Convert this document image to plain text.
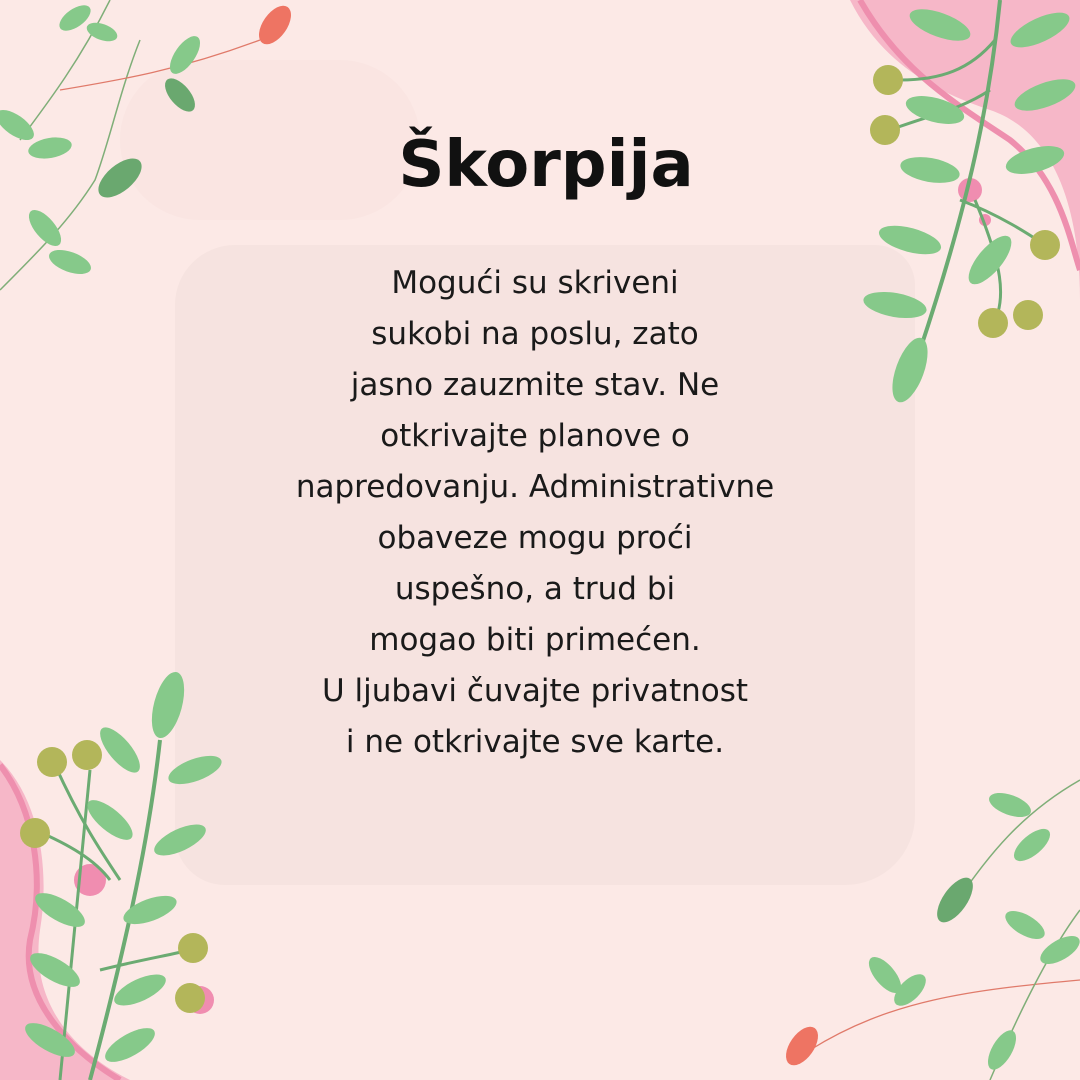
Škorpija
Mogući su skriveni
sukobi na poslu, zato
jasno zauzmite stav. Ne
otkrivajte planove o
napredovanju. Administrativne
obaveze mogu proći
uspešno, a trud bi
mogao biti primećen.
U ljubavi čuvajte privatnost
i ne otkrivajte sve karte.
